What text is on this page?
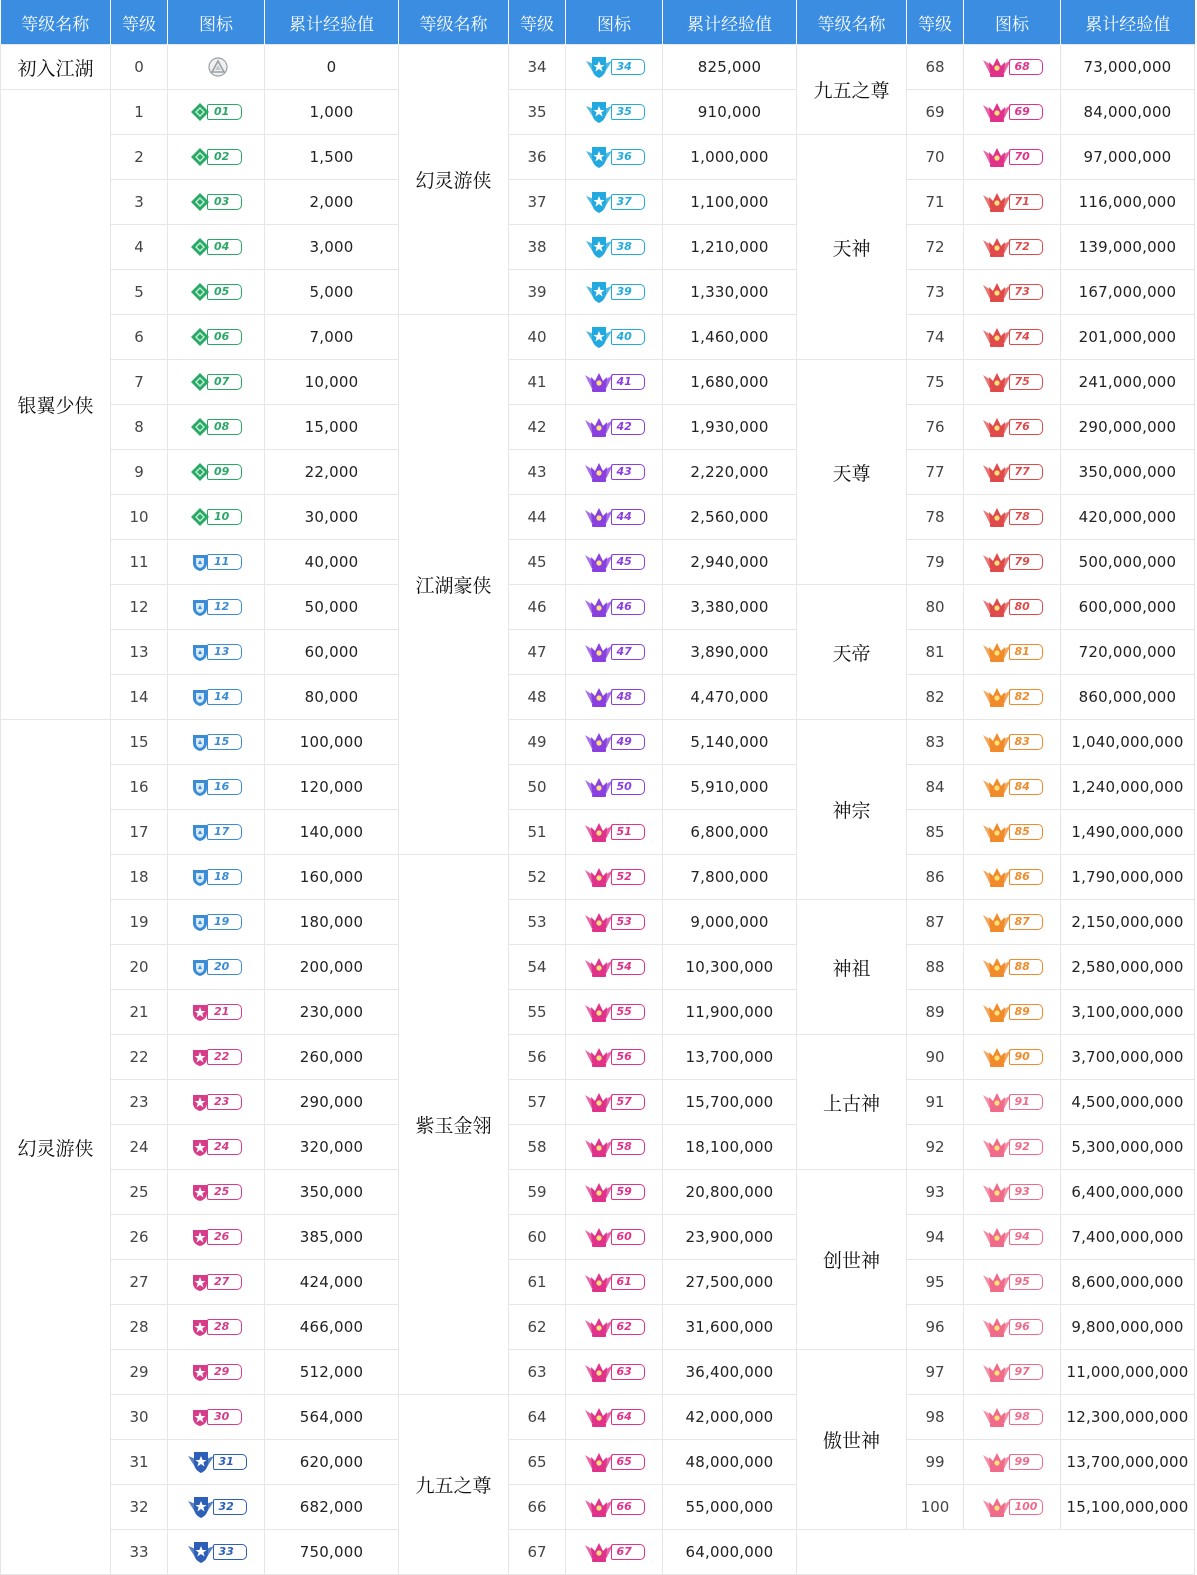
等级名称	等级	图标	累计经验值	等级名称	等级	图标	累计经验值	等级名称	等级	图标	累计经验值
初入江湖	0		0	幻灵游侠	34	34	825,000	九五之尊	68	68	73,000,000
银翼少侠	1	01	1,000		35	35	910,000		69	69	84,000,000
	2	02	1,500		36	36	1,000,000	天神	70	70	97,000,000
	3	03	2,000		37	37	1,100,000		71	71	116,000,000
	4	04	3,000		38	38	1,210,000		72	72	139,000,000
	5	05	5,000		39	39	1,330,000		73	73	167,000,000
	6	06	7,000	江湖豪侠	40	40	1,460,000		74	74	201,000,000
	7	07	10,000		41	41	1,680,000	天尊	75	75	241,000,000
	8	08	15,000		42	42	1,930,000		76	76	290,000,000
	9	09	22,000		43	43	2,220,000		77	77	350,000,000
	10	10	30,000		44	44	2,560,000		78	78	420,000,000
	11	11	40,000		45	45	2,940,000		79	79	500,000,000
	12	12	50,000		46	46	3,380,000	天帝	80	80	600,000,000
	13	13	60,000		47	47	3,890,000		81	81	720,000,000
	14	14	80,000		48	48	4,470,000		82	82	860,000,000
幻灵游侠	15	15	100,000		49	49	5,140,000	神宗	83	83	1,040,000,000
	16	16	120,000		50	50	5,910,000		84	84	1,240,000,000
	17	17	140,000		51	51	6,800,000		85	85	1,490,000,000
	18	18	160,000	紫玉金翎	52	52	7,800,000		86	86	1,790,000,000
	19	19	180,000		53	53	9,000,000	神祖	87	87	2,150,000,000
	20	20	200,000		54	54	10,300,000		88	88	2,580,000,000
	21	21	230,000		55	55	11,900,000		89	89	3,100,000,000
	22	22	260,000		56	56	13,700,000	上古神	90	90	3,700,000,000
	23	23	290,000		57	57	15,700,000		91	91	4,500,000,000
	24	24	320,000		58	58	18,100,000		92	92	5,300,000,000
	25	25	350,000		59	59	20,800,000	创世神	93	93	6,400,000,000
	26	26	385,000		60	60	23,900,000		94	94	7,400,000,000
	27	27	424,000		61	61	27,500,000		95	95	8,600,000,000
	28	28	466,000		62	62	31,600,000		96	96	9,800,000,000
	29	29	512,000		63	63	36,400,000	傲世神	97	97	11,000,000,000
	30	30	564,000	九五之尊	64	64	42,000,000		98	98	12,300,000,000
	31	31	620,000		65	65	48,000,000		99	99	13,700,000,000
	32	32	682,000		66	66	55,000,000		100	100	15,100,000,000
	33	33	750,000		67	67	64,000,000				
